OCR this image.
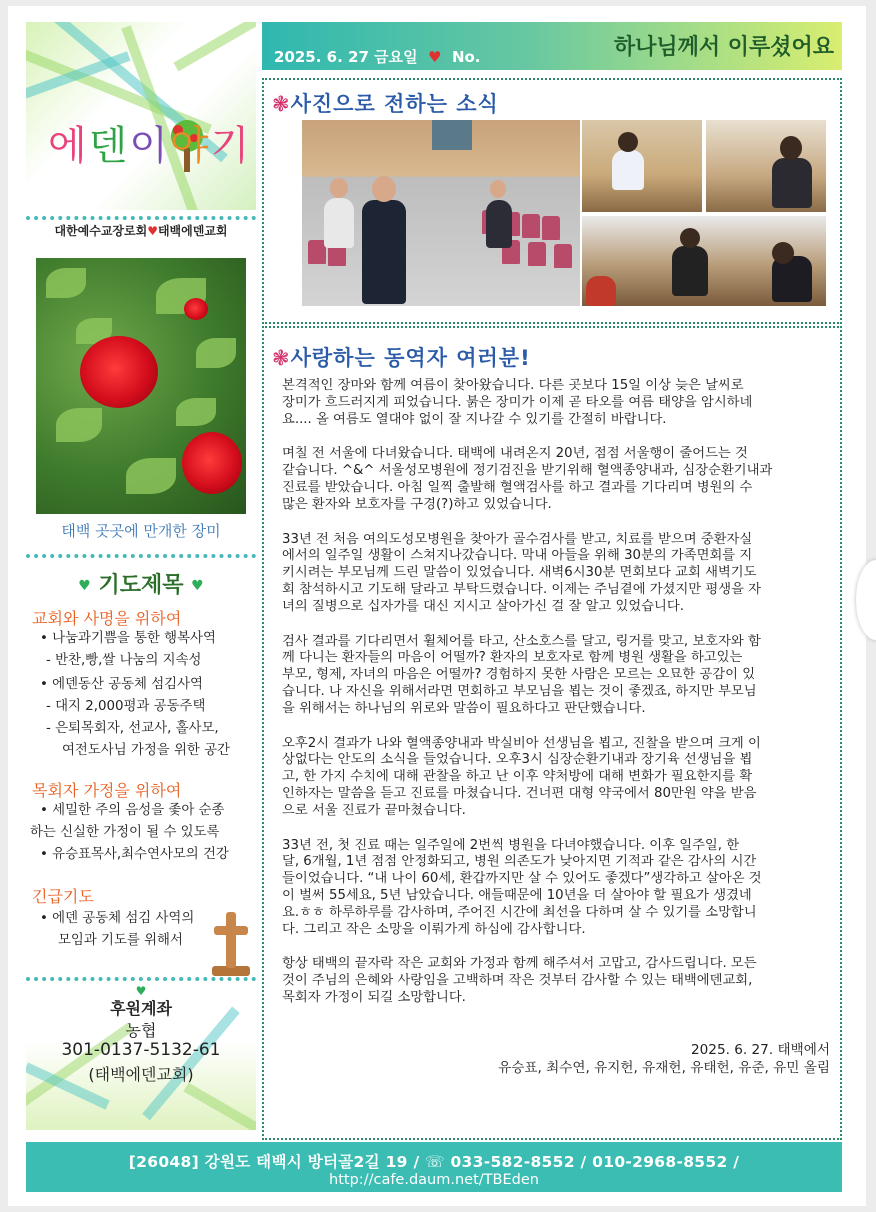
에덴이야기
대한예수교장로회♥태백에덴교회
태백 곳곳에 만개한 장미
♥ 기도제목 ♥
교회와 사명을 위하여
• 나눔과기쁨을 통한 행복사역
- 반찬,빵,쌀 나눔의 지속성
• 에덴동산 공동체 섬김사역
- 대지 2,000평과 공동주택
- 은퇴목회자, 선교사, 홀사모,
여전도사님 가정을 위한 공간
목회자 가정을 위하여
• 세밀한 주의 음성을 좇아 순종
하는 신실한 가정이 될 수 있도록
• 유승표목사,최수연사모의 건강
긴급기도
• 에덴 공동체 섬김 사역의
모임과 기도를 위해서
♥
후원계좌
농협
301-0137-5132-61
(태백에덴교회)
2025. 6. 27 금요일 ♥ No.	하나님께서 이루셨어요
❃사진으로 전하는 소식
❃사랑하는 동역자 여러분!
본격적인 장마와 함께 여름이 찾아왔습니다. 다른 곳보다 15일 이상 늦은 날씨로
장미가 흐드러지게 피었습니다. 붉은 장미가 이제 곧 타오를 여름 태양을 암시하네
요.... 올 여름도 열대야 없이 잘 지나갈 수 있기를 간절히 바랍니다.
며칠 전 서울에 다녀왔습니다. 태백에 내려온지 20년, 점점 서울행이 줄어드는 것
같습니다. ^&^ 서울성모병원에 정기검진을 받기위해 혈액종양내과, 심장순환기내과
진료를 받았습니다. 아침 일찍 출발해 혈액검사를 하고 결과를 기다리며 병원의 수
많은 환자와 보호자를 구경(?)하고 있었습니다.
33년 전 처음 여의도성모병원을 찾아가 골수검사를 받고, 치료를 받으며 중환자실
에서의 일주일 생활이 스쳐지나갔습니다. 막내 아들을 위해 30분의 가족면회를 지
키시려는 부모님께 드린 말씀이 있었습니다. 새벽6시30분 면회보다 교회 새벽기도
회 참석하시고 기도해 달라고 부탁드렸습니다. 이제는 주님곁에 가셨지만 평생을 자
녀의 질병으로 십자가를 대신 지시고 살아가신 걸 잘 알고 있었습니다.
검사 결과를 기다리면서 휠체어를 타고, 산소호스를 달고, 링거를 맞고, 보호자와 함
께 다니는 환자들의 마음이 어떨까? 환자의 보호자로 함께 병원 생활을 하고있는
부모, 형제, 자녀의 마음은 어떨까? 경험하지 못한 사람은 모르는 오묘한 공감이 있
습니다. 나 자신을 위해서라면 면회하고 부모님을 뵙는 것이 좋겠죠, 하지만 부모님
을 위해서는 하나님의 위로와 말씀이 필요하다고 판단했습니다.
오후2시 결과가 나와 혈액종양내과 박실비아 선생님을 뵙고, 진찰을 받으며 크게 이
상없다는 안도의 소식을 들었습니다. 오후3시 심장순환기내과 장기육 선생님을 뵙
고, 한 가지 수치에 대해 관찰을 하고 난 이후 약처방에 대해 변화가 필요한지를 확
인하자는 말씀을 듣고 진료를 마쳤습니다. 건너편 대형 약국에서 80만원 약을 받음
으로 서울 진료가 끝마쳤습니다.
33년 전, 첫 진료 때는 일주일에 2번씩 병원을 다녀야했습니다. 이후 일주일, 한
달, 6개월, 1년 점점 안정화되고, 병원 의존도가 낮아지면 기적과 같은 감사의 시간
들이었습니다. “내 나이 60세, 환갑까지만 살 수 있어도 좋겠다”생각하고 살아온 것
이 벌써 55세요, 5년 남았습니다. 애들때문에 10년을 더 살아야 할 필요가 생겼네
요.ㅎㅎ 하루하루를 감사하며, 주어진 시간에 최선을 다하며 살 수 있기를 소망합니
다. 그리고 작은 소망을 이뤄가게 하심에 감사합니다.
항상 태백의 끝자락 작은 교회와 가정과 함께 해주셔서 고맙고, 감사드립니다. 모든
것이 주님의 은혜와 사랑임을 고백하며 작은 것부터 감사할 수 있는 태백에덴교회,
목회자 가정이 되길 소망합니다.
2025. 6. 27. 태백에서
유승표, 최수연, 유지헌, 유재헌, 유태헌, 유준, 유민 올림
[26048] 강원도 태백시 방터골2길 19 / ☏ 033-582-8552 / 010-2968-8552 /
http://cafe.daum.net/TBEden
